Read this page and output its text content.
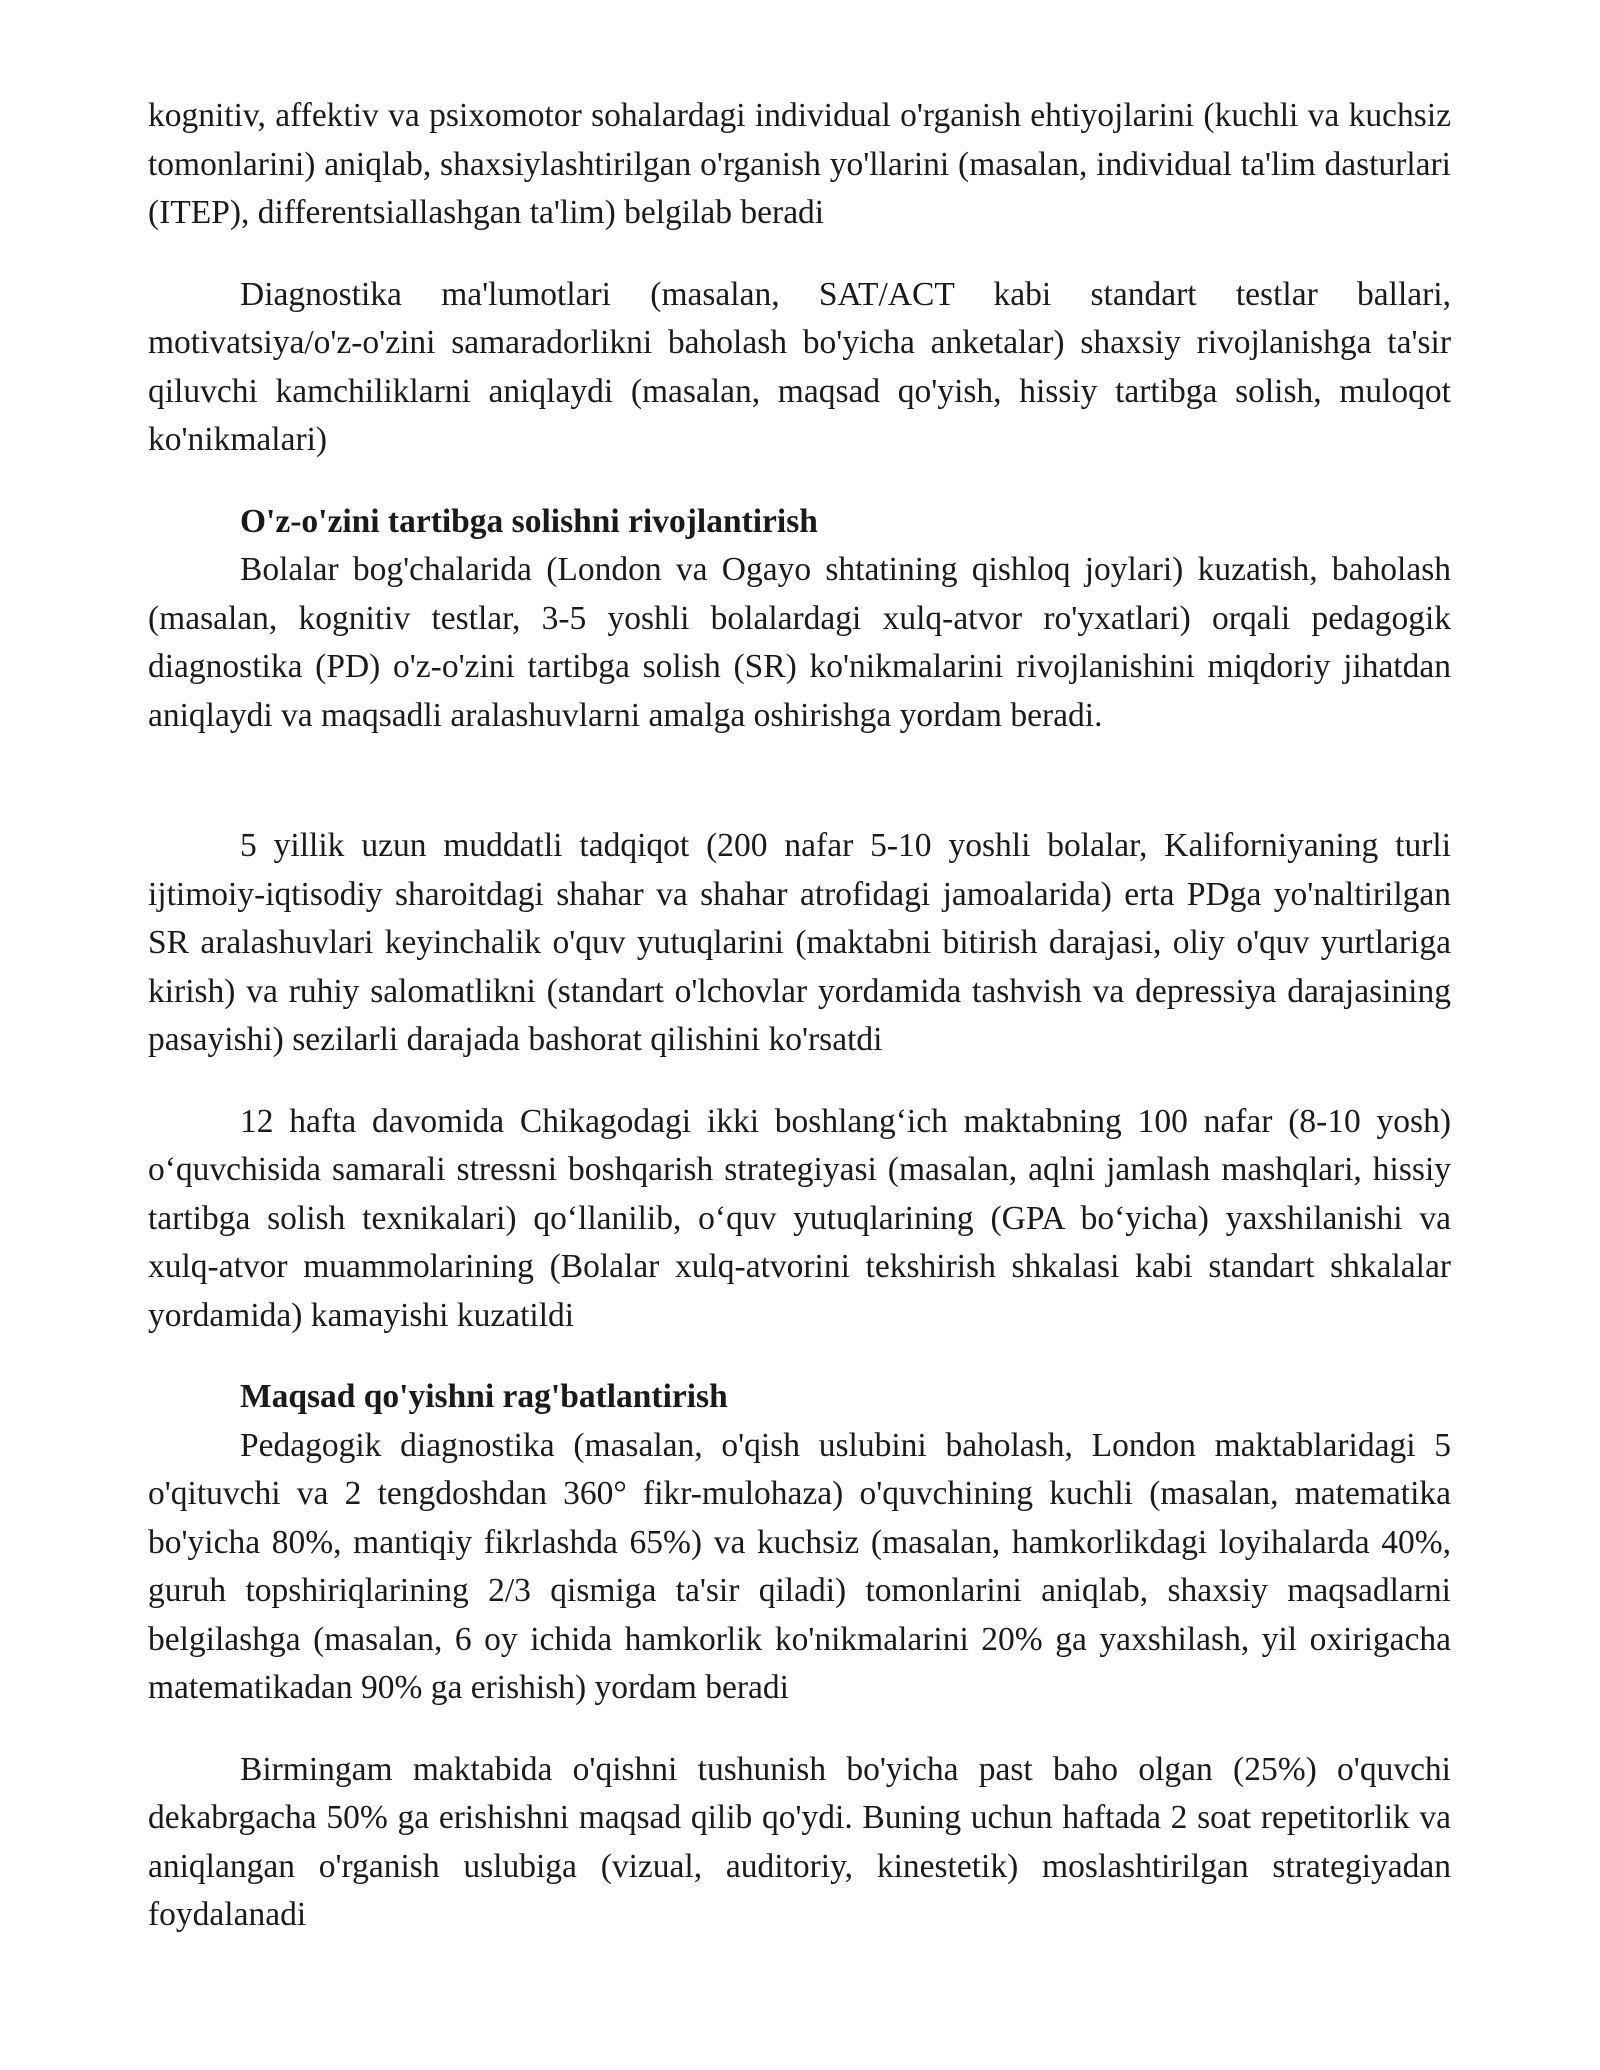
kognitiv, affektiv va psixomotor sohalardagi individual o'rganish ehtiyojlarini (kuchli va kuchsiz tomonlarini) aniqlab, shaxsiylashtirilgan o'rganish yo'llarini (masalan, individual ta'lim dasturlari (ITEP), differentsiallashgan ta'lim) belgilab beradi

Diagnostika ma'lumotlari (masalan, SAT/ACT kabi standart testlar ballari, motivatsiya/o'z-o'zini samaradorlikni baholash bo'yicha anketalar) shaxsiy rivojlanishga ta'sir qiluvchi kamchiliklarni aniqlaydi (masalan, maqsad qo'yish, hissiy tartibga solish, muloqot ko'nikmalari)

O'z-o'zini tartibga solishni rivojlantirish

Bolalar bog'chalarida (London va Ogayo shtatining qishloq joylari) kuzatish, baholash (masalan, kognitiv testlar, 3-5 yoshli bolalardagi xulq-atvor ro'yxatlari) orqali pedagogik diagnostika (PD) o'z-o'zini tartibga solish (SR) ko'nikmalarini rivojlanishini miqdoriy jihatdan aniqlaydi va maqsadli aralashuvlarni amalga oshirishga yordam beradi.

5 yillik uzun muddatli tadqiqot (200 nafar 5-10 yoshli bolalar, Kaliforniyaning turli ijtimoiy-iqtisodiy sharoitdagi shahar va shahar atrofidagi jamoalarida) erta PDga yo'naltirilgan SR aralashuvlari keyinchalik o'quv yutuqlarini (maktabni bitirish darajasi, oliy o'quv yurtlariga kirish) va ruhiy salomatlikni (standart o'lchovlar yordamida tashvish va depressiya darajasining pasayishi) sezilarli darajada bashorat qilishini ko'rsatdi

12 hafta davomida Chikagodagi ikki boshlang‘ich maktabning 100 nafar (8-10 yosh) o‘quvchisida samarali stressni boshqarish strategiyasi (masalan, aqlni jamlash mashqlari, hissiy tartibga solish texnikalari) qo‘llanilib, o‘quv yutuqlarining (GPA bo‘yicha) yaxshilanishi va xulq-atvor muammolarining (Bolalar xulq-atvorini tekshirish shkalasi kabi standart shkalalar yordamida) kamayishi kuzatildi

Maqsad qo'yishni rag'batlantirish

Pedagogik diagnostika (masalan, o'qish uslubini baholash, London maktablaridagi 5 o'qituvchi va 2 tengdoshdan 360° fikr-mulohaza) o'quvchining kuchli (masalan, matematika bo'yicha 80%, mantiqiy fikrlashda 65%) va kuchsiz (masalan, hamkorlikdagi loyihalarda 40%, guruh topshiriqlarining 2/3 qismiga ta'sir qiladi) tomonlarini aniqlab, shaxsiy maqsadlarni belgilashga (masalan, 6 oy ichida hamkorlik ko'nikmalarini 20% ga yaxshilash, yil oxirigacha matematikadan 90% ga erishish) yordam beradi

Birmingam maktabida o'qishni tushunish bo'yicha past baho olgan (25%) o'quvchi dekabrgacha 50% ga erishishni maqsad qilib qo'ydi. Buning uchun haftada 2 soat repetitorlik va aniqlangan o'rganish uslubiga (vizual, auditoriy, kinestetik) moslashtirilgan strategiyadan foydalanadi
